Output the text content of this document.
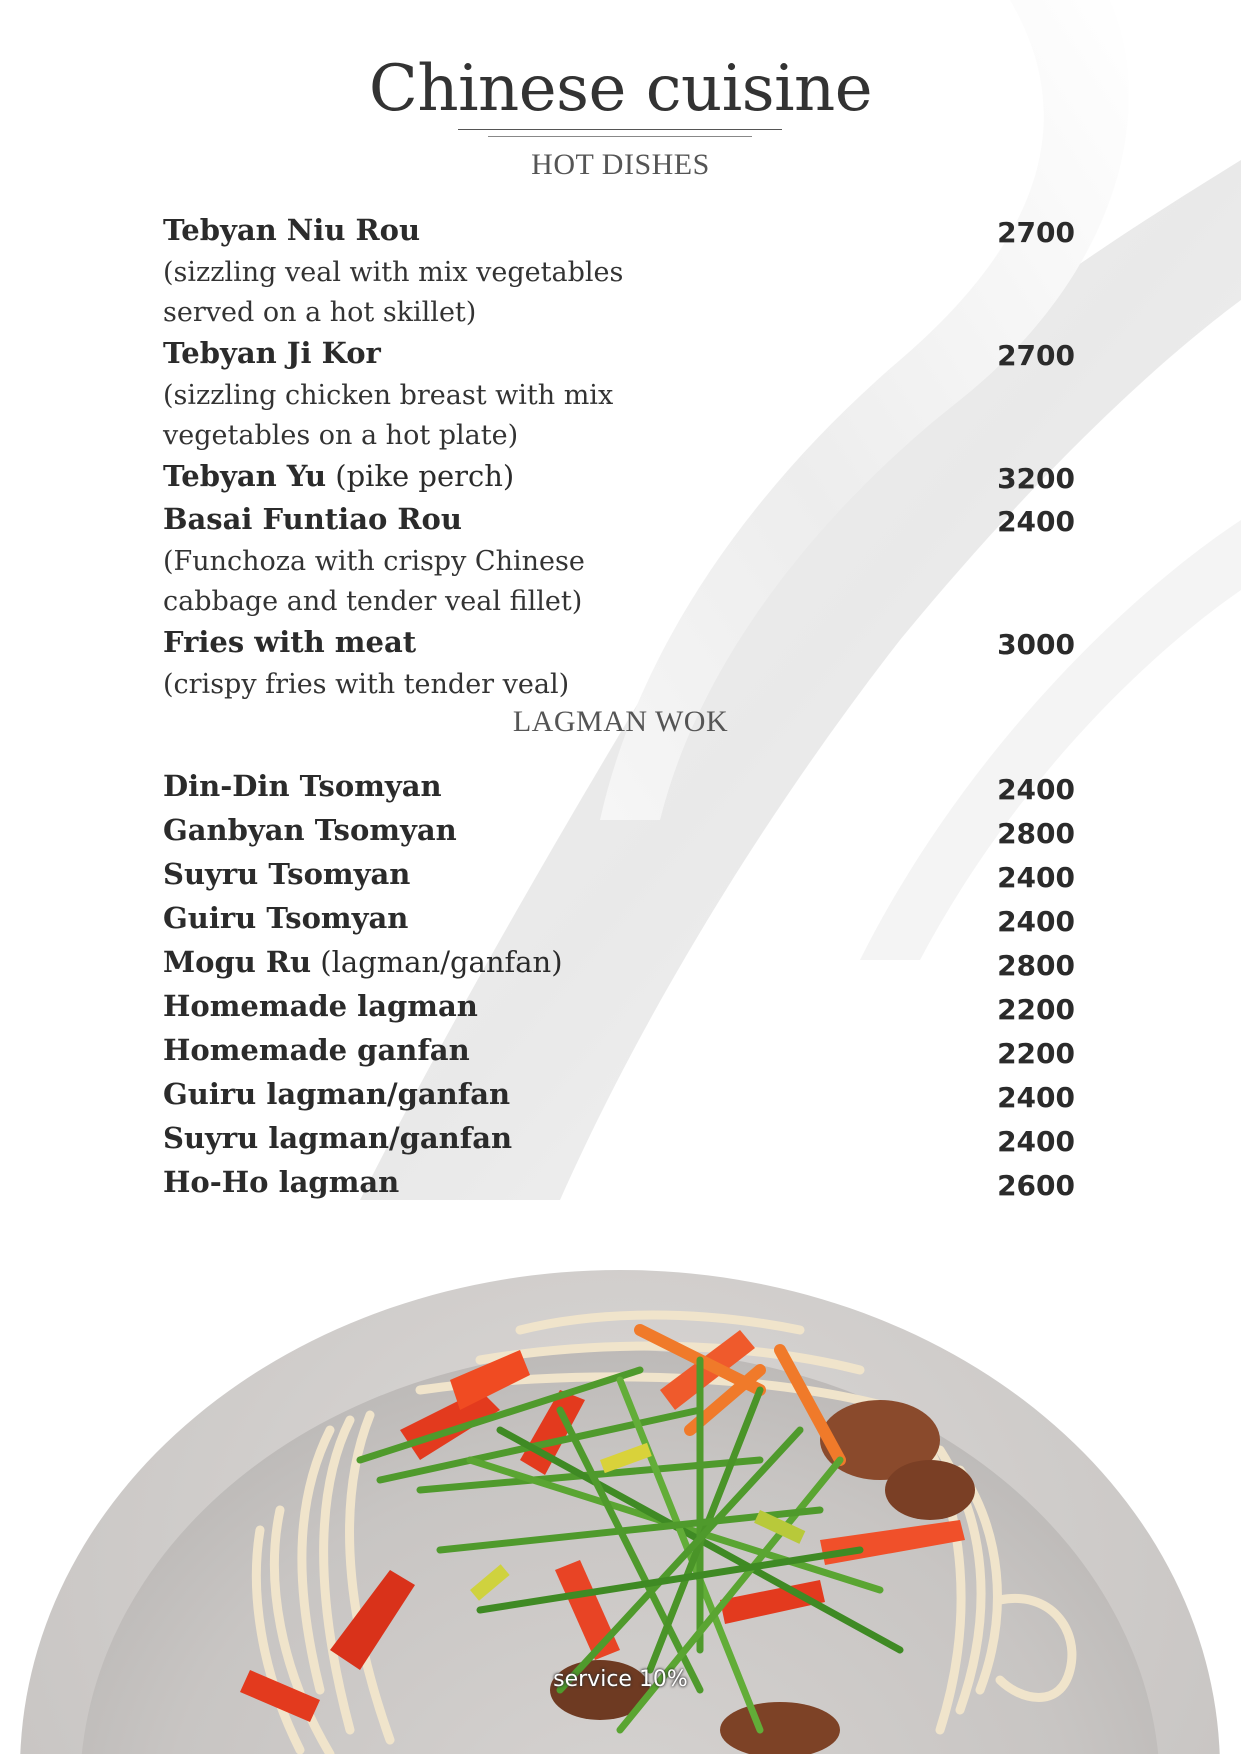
Chinese cuisine
HOT DISHES
Tebyan Niu Rou	2700
(sizzling veal with mix vegetables
served on a hot skillet)
Tebyan Ji Kor	2700
(sizzling chicken breast with mix
vegetables on a hot plate)
Tebyan Yu (pike perch)	3200
Basai Funtiao Rou	2400
(Funchoza with crispy Chinese
cabbage and tender veal fillet)
Fries with meat	3000
(crispy fries with tender veal)
LAGMAN WOK
Din-Din Tsomyan	2400
Ganbyan Tsomyan	2800
Suyru Tsomyan	2400
Guiru Tsomyan	2400
Mogu Ru (lagman/ganfan)	2800
Homemade lagman	2200
Homemade ganfan	2200
Guiru lagman/ganfan	2400
Suyru lagman/ganfan	2400
Ho-Ho lagman	2600
service 10%
